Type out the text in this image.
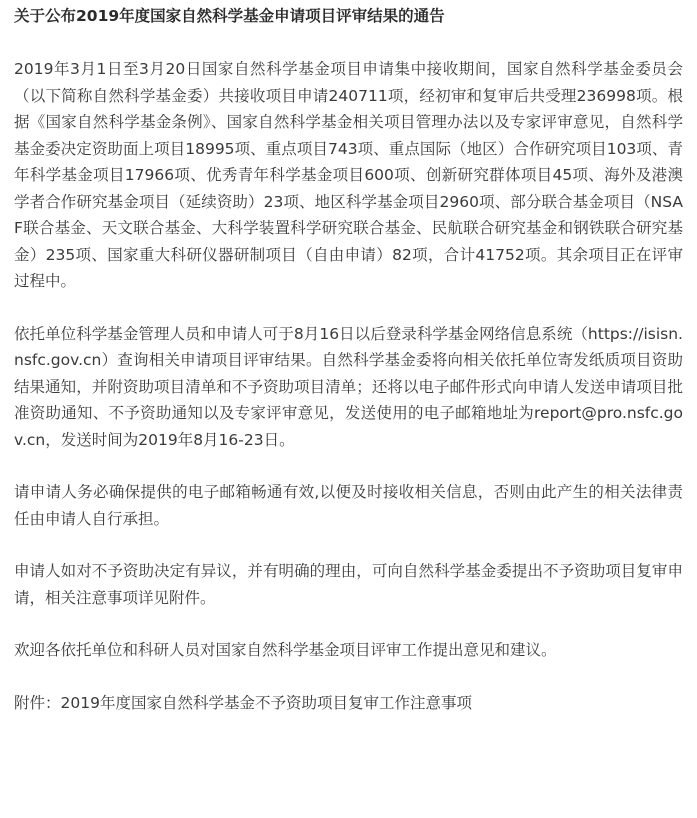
关于公布2019年度国家自然科学基金申请项目评审结果的通告

2019年3月1日至3月20日国家自然科学基金项目申请集中接收期间，国家自然科学基金委员会（以下简称自然科学基金委）共接收项目申请240711项，经初审和复审后共受理236998项。根据《国家自然科学基金条例》、国家自然科学基金相关项目管理办法以及专家评审意见，自然科学基金委决定资助面上项目18995项、重点项目743项、重点国际（地区）合作研究项目103项、青年科学基金项目17966项、优秀青年科学基金项目600项、创新研究群体项目45项、海外及港澳学者合作研究基金项目（延续资助）23项、地区科学基金项目2960项、部分联合基金项目（NSAF联合基金、天文联合基金、大科学装置科学研究联合基金、民航联合研究基金和钢铁联合研究基金）235项、国家重大科研仪器研制项目（自由申请）82项，合计41752项。其余项目正在评审过程中。

依托单位科学基金管理人员和申请人可于8月16日以后登录科学基金网络信息系统（https://isisn.nsfc.gov.cn）查询相关申请项目评审结果。自然科学基金委将向相关依托单位寄发纸质项目资助结果通知，并附资助项目清单和不予资助项目清单；还将以电子邮件形式向申请人发送申请项目批准资助通知、不予资助通知以及专家评审意见，发送使用的电子邮箱地址为report@pro.nsfc.gov.cn，发送时间为2019年8月16-23日。

请申请人务必确保提供的电子邮箱畅通有效,以便及时接收相关信息，否则由此产生的相关法律责任由申请人自行承担。

申请人如对不予资助决定有异议，并有明确的理由，可向自然科学基金委提出不予资助项目复审申请，相关注意事项详见附件。

欢迎各依托单位和科研人员对国家自然科学基金项目评审工作提出意见和建议。

附件：2019年度国家自然科学基金不予资助项目复审工作注意事项
